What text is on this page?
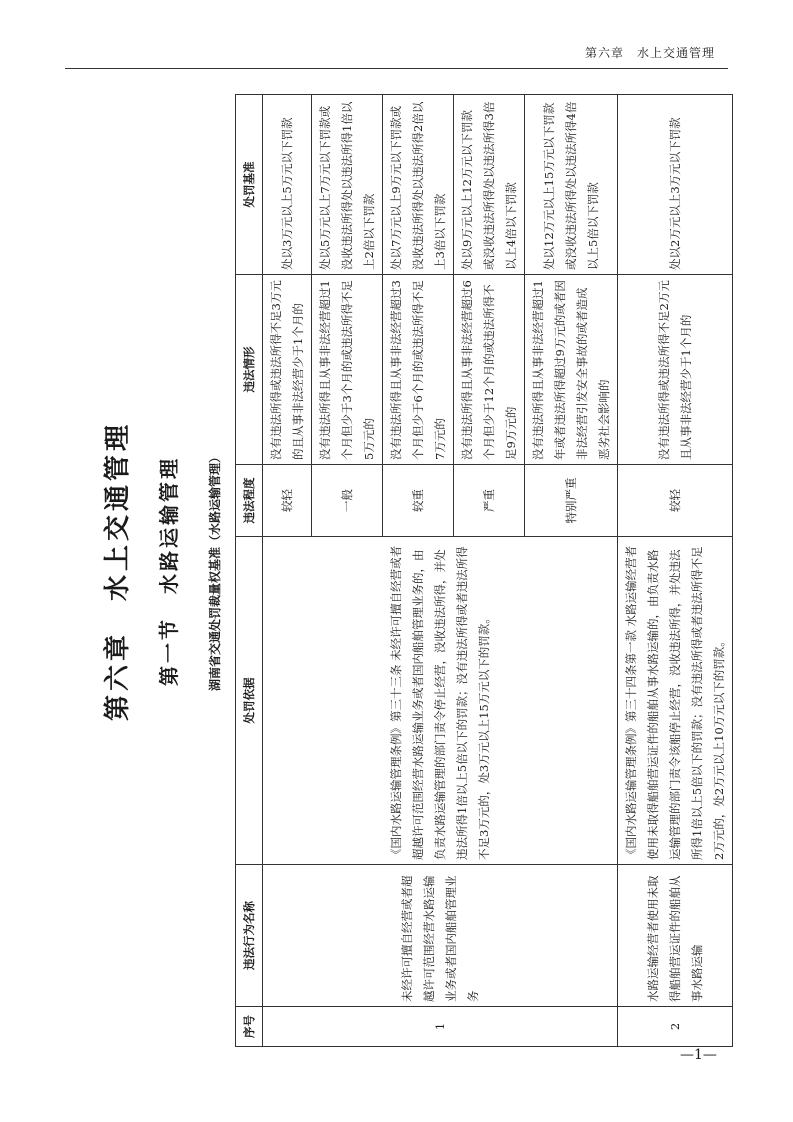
第六章　水上交通管理
第六章　水上交通管理 第一节　水路运输管理 湖南省交通处罚裁量权基准（水路运输管理）
序号	违法行为名称	处罚依据	违法程度	违法情形	处罚基准
1	未经许可擅自经营或者超越许可范围经营水路运输业务或者国内船舶管理业务	《国内水路运输管理条例》第三十三条 未经许可擅自经营或者超越许可范围经营水路运输业务或者国内船舶管理业务的，由负责水路运输管理的部门责令停止经营，没收违法所得，并处违法所得1倍以上5倍以下的罚款；没有违法所得或者违法所得不足3万元的，处3万元以上15万元以下的罚款。	较轻	没有违法所得或违法所得不足3万元的且从事非法经营少于1个月的	处以3万元以上5万元以下罚款
			一般	没有违法所得且从事非法经营超过1个月但少于3个月的或违法所得不足5万元的	处以5万元以上7万元以下罚款或没收违法所得处以违法所得1倍以上2倍以下罚款
			较重	没有违法所得且从事非法经营超过3个月但少于6个月的或违法所得不足7万元的	处以7万元以上9万元以下罚款或没收违法所得处以违法所得2倍以上3倍以下罚款
			严重	没有违法所得且从事非法经营超过6个月但少于12个月的或违法所得不足9万元的	处以9万元以上12万元以下罚款或没收违法所得处以违法所得3倍以上4倍以下罚款
			特别严重	没有违法所得且从事非法经营超过1年或者违法所得超过9万元的或者因非法经营引发安全事故的或者造成恶劣社会影响的	处以12万元以上15万元以下罚款或没收违法所得处以违法所得4倍以上5倍以下罚款
2	水路运输经营者使用未取得船舶营运证件的船舶从事水路运输	《国内水路运输管理条例》第三十四条第一款 水路运输经营者使用未取得船舶营运证件的船舶从事水路运输的，由负责水路运输管理的部门责令该船停止经营，没收违法所得，并处违法所得1倍以上5倍以下的罚款；没有违法所得或者违法所得不足2万元的，处2万元以上10万元以下的罚款。	较轻	没有违法所得或违法所得不足2万元且从事非法经营少于1个月的	处以2万元以上3万元以下罚款
—1—
